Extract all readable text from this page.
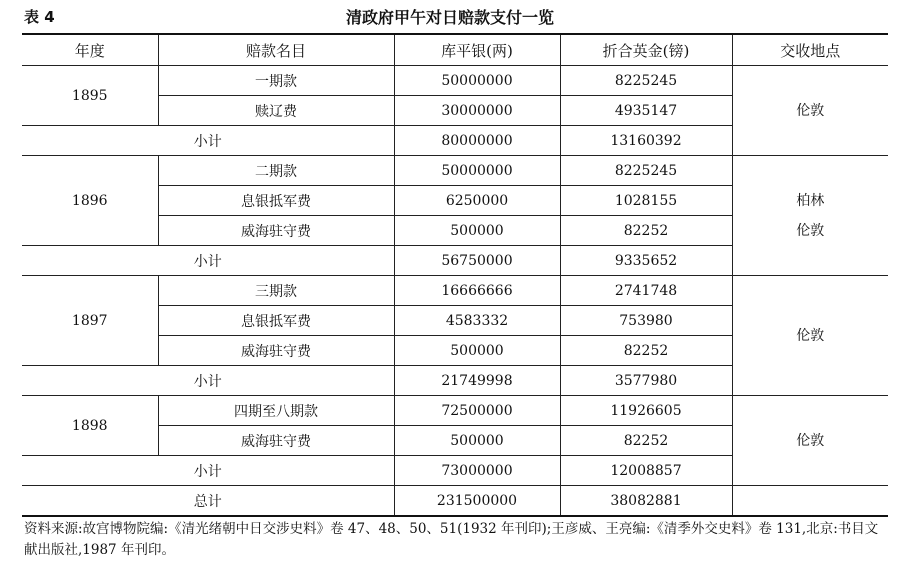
表 4	清政府甲午对日赔款支付一览
年度	赔款名目	库平银(两)	折合英金(镑)	交收地点
1895	一期款	50000000	8225245	伦敦

	赎辽费	30000000	4935147	
小计		80000000	13160392	
1896	二期款	50000000	8225245	柏林
伦敦

	息银抵军费	6250000	1028155	
	威海驻守费	500000	82252	
小计		56750000	9335652	
1897	三期款	16666666	2741748	伦敦

	息银抵军费	4583332	753980	
	威海驻守费	500000	82252	
小计		21749998	3577980	
1898	四期至八期款	72500000	11926605	伦敦

	威海驻守费	500000	82252	
小计		73000000	12008857	
总计		231500000	38082881	
资料来源:故宫博物院编:《清光绪朝中日交涉史料》卷 47、48、50、51(1932 年刊印);王彦威、王亮编:《清季外交史料》卷 131,北京:书目文献出版社,1987 年刊印。
